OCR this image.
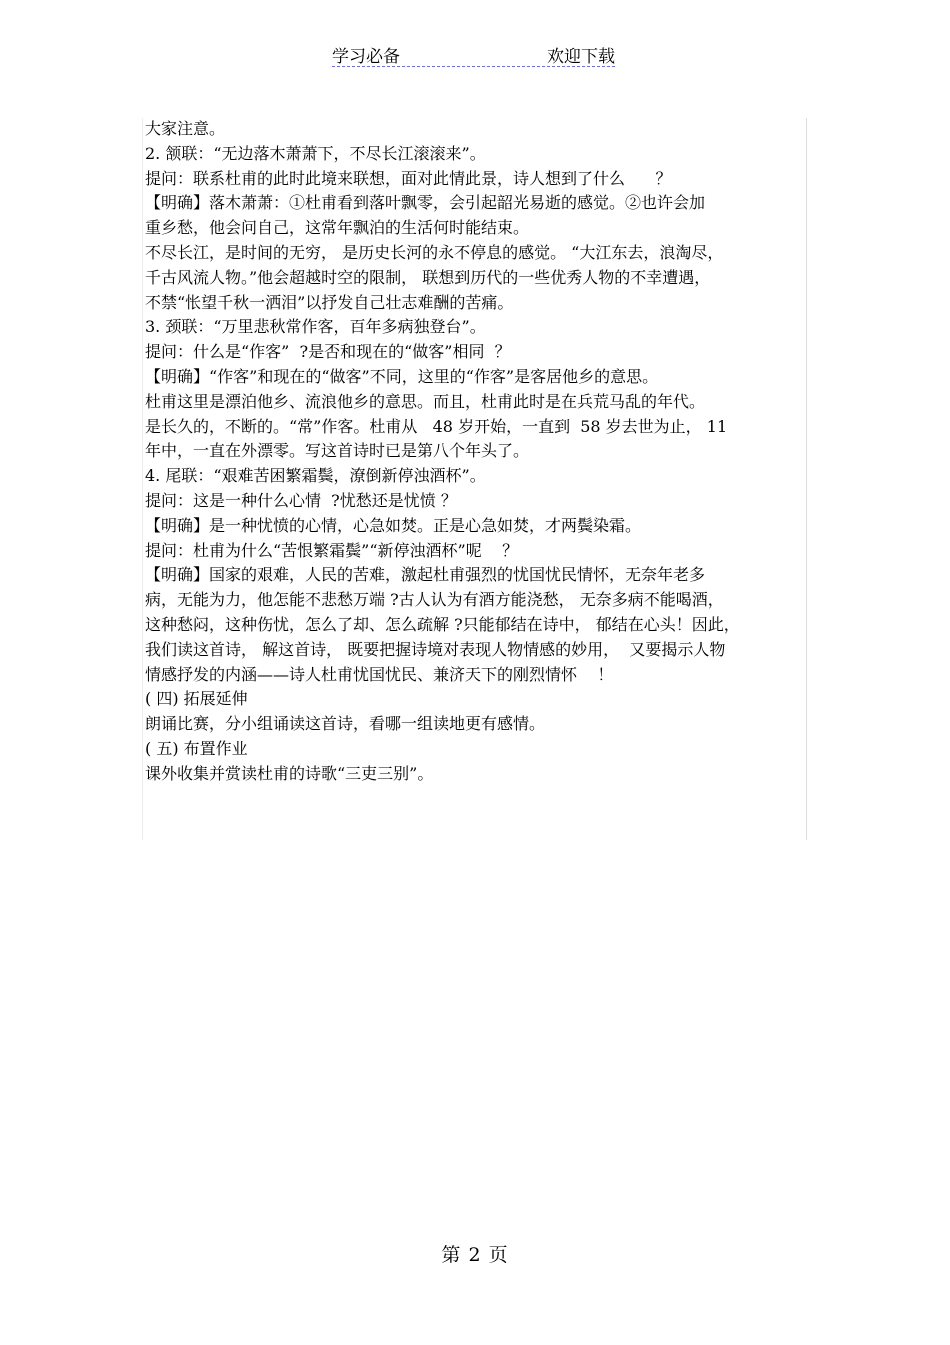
学习必备	欢迎下载
大家注意。
2. 颔联：“无边落木萧萧下，不尽长江滚滚来”。
提问：联系杜甫的此时此境来联想，面对此情此景，诗人想到了什么      ？
【明确】落木萧萧：①杜甫看到落叶飘零，会引起韶光易逝的感觉。②也许会加
重乡愁，他会问自己，这常年飘泊的生活何时能结束。
不尽长江，是时间的无穷， 是历史长河的永不停息的感觉。 “大江东去，浪淘尽，
千古风流人物。”他会超越时空的限制， 联想到历代的一些优秀人物的不幸遭遇，
不禁“怅望千秋一洒泪”以抒发自己壮志难酬的苦痛。
3. 颈联：“万里悲秋常作客，百年多病独登台”。
提问：什么是“作客”  ?是否和现在的“做客”相同  ？
【明确】“作客”和现在的“做客”不同，这里的“作客”是客居他乡的意思。
杜甫这里是漂泊他乡、流浪他乡的意思。而且，杜甫此时是在兵荒马乱的年代。
是长久的，不断的。“常”作客。杜甫从   48 岁开始，一直到  58 岁去世为止， 11
年中，一直在外漂零。写这首诗时已是第八个年头了。
4. 尾联：“艰难苦困繁霜鬓，潦倒新停浊酒杯”。
提问：这是一种什么心情  ?忧愁还是忧愤 ？
【明确】是一种忧愤的心情，心急如焚。正是心急如焚，才两鬓染霜。
提问：杜甫为什么“苦恨繁霜鬓”“新停浊酒杯”呢    ？
【明确】国家的艰难，人民的苦难，激起杜甫强烈的忧国忧民情怀，无奈年老多
病，无能为力，他怎能不悲愁万端 ?古人认为有酒方能浇愁， 无奈多病不能喝酒，
这种愁闷，这种伤忧，怎么了却、怎么疏解 ?只能郁结在诗中， 郁结在心头！因此，
我们读这首诗， 解这首诗， 既要把握诗境对表现人物情感的妙用，  又要揭示人物
情感抒发的内涵——诗人杜甫忧国忧民、兼济天下的刚烈情怀    ！
( 四) 拓展延伸
朗诵比赛，分小组诵读这首诗，看哪一组读地更有感情。
( 五) 布置作业
课外收集并赏读杜甫的诗歌“三吏三别”。
第 2 页
